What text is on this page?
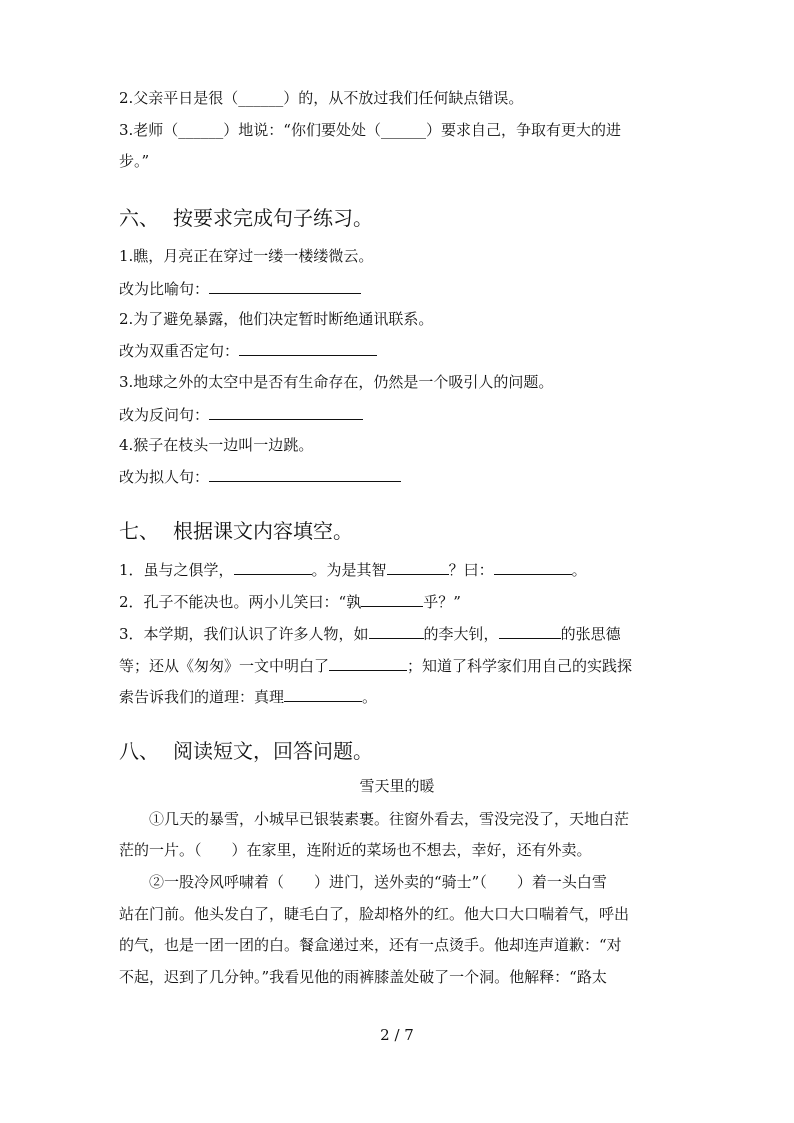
2.父亲平日是很（______）的，从不放过我们任何缺点错误。
3.老师（______）地说：“你们要处处（______）要求自己，争取有更大的进
步。”
六、 按要求完成句子练习。
1.瞧，月亮正在穿过一缕一楼缕微云。
改为比喻句：
2.为了避免暴露，他们决定暂时断绝通讯联系。
改为双重否定句：
3.地球之外的太空中是否有生命存在，仍然是一个吸引人的问题。
改为反问句：
4.猴子在枝头一边叫一边跳。
改为拟人句：
七、 根据课文内容填空。
1．虽与之俱学，	。为是其智	？曰：	。
2．孔子不能决也。两小儿笑曰：“孰	乎？”
3．本学期，我们认识了许多人物，如	的李大钊，	的张思德
等；还从《匆匆》一文中明白了	；知道了科学家们用自己的实践探
索告诉我们的道理：真理	。
八、 阅读短文，回答问题。
雪天里的暖
①几天的暴雪，小城早已银装素裹。往窗外看去，雪没完没了，天地白茫
茫的一片。（　　）在家里，连附近的菜场也不想去，幸好，还有外卖。
②一股冷风呼啸着（　　）进门，送外卖的“骑士”（　　）着一头白雪
站在门前。他头发白了，睫毛白了，脸却格外的红。他大口大口喘着气，呼出
的气，也是一团一团的白。餐盒递过来，还有一点烫手。他却连声道歉：“对
不起，迟到了几分钟。”我看见他的雨裤膝盖处破了一个洞。他解释：“路太
2 / 7
